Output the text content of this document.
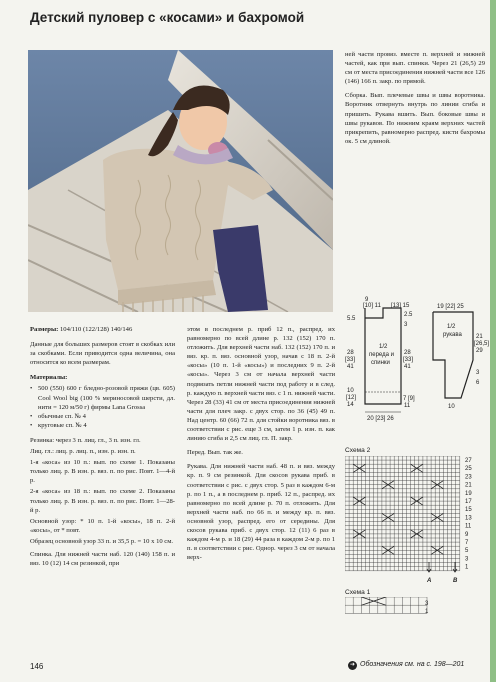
Детский пуловер с «косами» и бахромой

ней части провяз. вместе п. верхней и нижней частей, как при вып. спинки. Через 21 (26,5) 29 см от места присоединения нижней части все 126 (146) 166 п. закр. по прямой.

Сборка. Вып. плечевые швы и швы воротника. Воротник отвернуть внутрь по линии сгиба и пришить. Рукава вшить. Вып. боковые швы и швы рукавов. По нижним краям верхних частей прикрепить, равномерно распред. кисти бахромы ок. 5 см длиной.

Размеры: 104/110 (122/128) 140/146

Данные для больших размеров стоят в скобках или за скобками. Если приводится одна величина, она относится ко всем размерам.

Материалы:

• 500 (550) 600 г бледно-розовой пряжи (цв. 605) Cool Wool big (100 % мериносовой шерсти, дл. нити = 120 м/50 г) фирмы Lana Grossa
• обычные сп. № 4
• круговые сп. № 4

Резинка: через 3 п. лиц. гл., 3 п. изн. гл.

Лиц. гл.: лиц. р. лиц. п., изн. р. изн. п.

1-я «коса» из 10 п.: вып. по схеме 1. Показаны только лиц. р. В изн. р. вяз. п. по рис. Повт. 1—4-й р.

2-я «коса» из 18 п.: вып. по схеме 2. Показаны только лиц. р. В изн. р. вяз. п. по рис. Повт. 1—28-й р.

Основной узор: * 10 п. 1-й «косы», 18 п. 2-й «косы», от * повт.

Образец основной узор 33 п. и 35,5 р. = 10 х 10 см.

Спинка. Для нижней части наб. 120 (140) 158 п. и вяз. 10 (12) 14 см резинкой, при

этом в последнем р. приб 12 п., распред. их равномерно по всей длине р. 132 (152) 170 п. отложить. Для верхней части наб. 132 (152) 170 п. и вяз. кр. п. вяз. основной узор, начав с 18 п. 2-й «косы» (10 п. 1-й «косы») и последних 9 п. 2-й «косы». Через 3 см от начала верхней части подвязать петли нижней части под работу и в след. р. каждую п. верхней части вяз. с 1 п. нижней части. Через 28 (33) 41 см от места присоединения нижней части для плеч закр. с двух стор. по 36 (45) 49 п. Над центр. 60 (66) 72 п. для стойки воротника вяз. в соответствии с рис. еще 3 см, затем 1 р. изн. п. как линию сгиба и 2,5 см лиц. гл. П. закр.

Перед. Вып. так же.

Рукава. Для нижней части наб. 48 п. и вяз. между кр. п. 9 см резинкой. Для скосов рукава приб. в соответствии с рис. с двух стор. 5 раз в каждом 6-м р. по 1 п., а в последнем р. приб. 12 п., распред. их равномерно по всей длине р. 70 п. отложить. Для верхней части наб. по 66 п. и между кр. п. вяз. основной узор, распред. его от середины. Для скосов рукава приб. с двух стор. 12 (11) 6 раз в каждом 4-м р. и 18 (29) 44 раза в каждом 2-м р. по 1 п. в соответствии с рис. Однор. через 3 см от начала верх-

9
[10] 11 [13] 15
5.5
2.5
3
28
[33]
41
28
[33]
41
1/2
переда и
спинки
10
[12]
14
7 [9]
11
20 [23] 26
19 [22] 25
1/2
рукава 21
[26,5]
29
3
6
10
Схема 2
27
25
23
21
19
17
15
13
11
9
7
5
3
1
A	B
Схема 1
3
1
➜ Обозначения см. на с. 198—201
146
